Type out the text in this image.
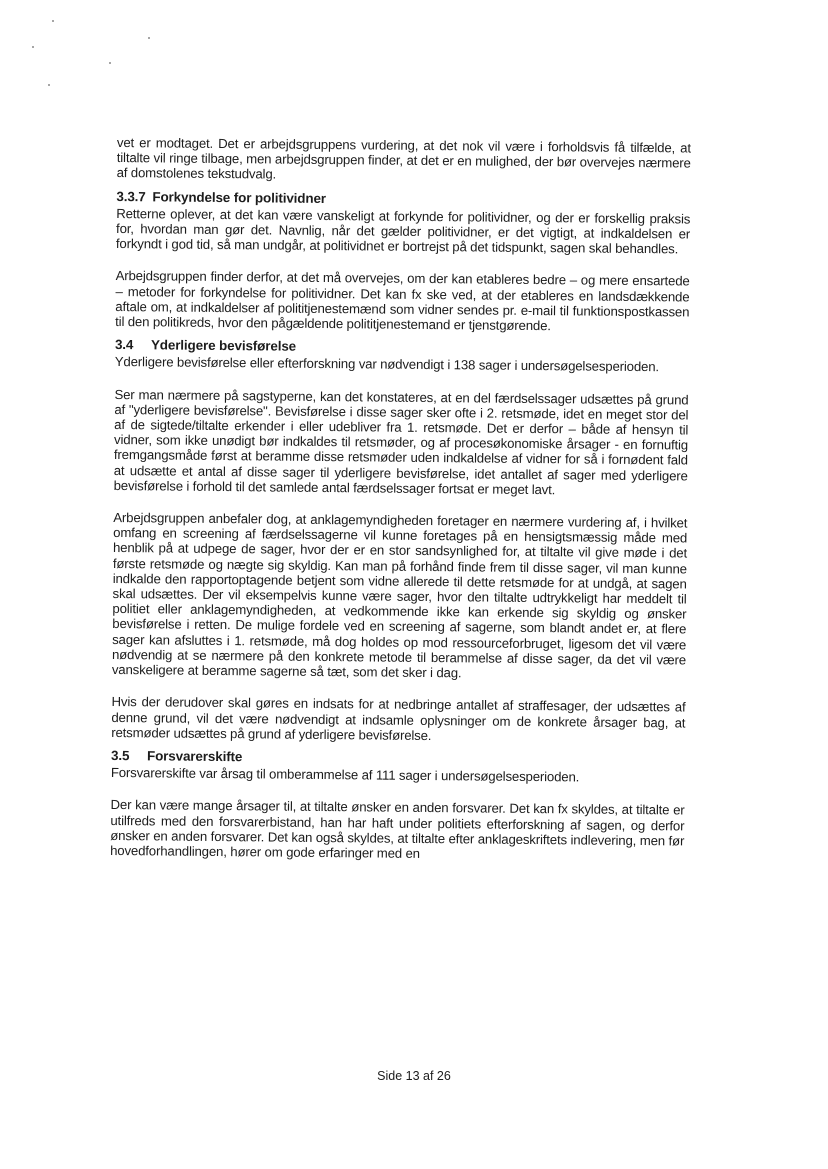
vet er modtaget. Det er arbejdsgruppens vurdering, at det nok vil være i forholdsvis få tilfælde, at tiltalte vil ringe tilbage, men arbejdsgruppen finder, at det er en mulighed, der bør overvejes nærmere af domstolenes tekstudvalg.

3.3.7 Forkyndelse for politividner

Retterne oplever, at det kan være vanskeligt at forkynde for politividner, og der er forskellig praksis for, hvordan man gør det. Navnlig, når det gælder politividner, er det vigtigt, at indkaldelsen er forkyndt i god tid, så man undgår, at politividnet er bortrejst på det tidspunkt, sagen skal behandles.

Arbejdsgruppen finder derfor, at det må overvejes, om der kan etableres bedre – og mere ensartede – metoder for forkyndelse for politividner. Det kan fx ske ved, at der etableres en landsdækkende aftale om, at indkaldelser af polititjenestemænd som vidner sendes pr. e-mail til funktionspostkassen til den politikreds, hvor den pågældende polititjenestemand er tjenstgørende.

3.4 Yderligere bevisførelse

Yderligere bevisførelse eller efterforskning var nødvendigt i 138 sager i undersøgelsesperioden.

Ser man nærmere på sagstyperne, kan det konstateres, at en del færdselssager udsættes på grund af "yderligere bevisførelse". Bevisførelse i disse sager sker ofte i 2. retsmøde, idet en meget stor del af de sigtede/tiltalte erkender i eller udebliver fra 1. retsmøde. Det er derfor – både af hensyn til vidner, som ikke unødigt bør indkaldes til retsmøder, og af procesøkonomiske årsager - en fornuftig fremgangsmåde først at beramme disse retsmøder uden indkaldelse af vidner for så i fornødent fald at udsætte et antal af disse sager til yderligere bevisførelse, idet antallet af sager med yderligere bevisførelse i forhold til det samlede antal færdselssager fortsat er meget lavt.

Arbejdsgruppen anbefaler dog, at anklagemyndigheden foretager en nærmere vurdering af, i hvilket omfang en screening af færdselssagerne vil kunne foretages på en hensigtsmæssig måde med henblik på at udpege de sager, hvor der er en stor sandsynlighed for, at tiltalte vil give møde i det første retsmøde og nægte sig skyldig. Kan man på forhånd finde frem til disse sager, vil man kunne indkalde den rapportoptagende betjent som vidne allerede til dette retsmøde for at undgå, at sagen skal udsættes. Der vil eksempelvis kunne være sager, hvor den tiltalte udtrykkeligt har meddelt til politiet eller anklagemyndigheden, at vedkommende ikke kan erkende sig skyldig og ønsker bevisførelse i retten. De mulige fordele ved en screening af sagerne, som blandt andet er, at flere sager kan afsluttes i 1. retsmøde, må dog holdes op mod ressourceforbruget, ligesom det vil være nødvendig at se nærmere på den konkrete metode til berammelse af disse sager, da det vil være vanskeligere at beramme sagerne så tæt, som det sker i dag.

Hvis der derudover skal gøres en indsats for at nedbringe antallet af straffesager, der udsættes af denne grund, vil det være nødvendigt at indsamle oplysninger om de konkrete årsager bag, at retsmøder udsættes på grund af yderligere bevisførelse.

3.5 Forsvarerskifte

Forsvarerskifte var årsag til omberammelse af 111 sager i undersøgelsesperioden.

Der kan være mange årsager til, at tiltalte ønsker en anden forsvarer. Det kan fx skyldes, at tiltalte er utilfreds med den forsvarerbistand, han har haft under politiets efterforskning af sagen, og derfor ønsker en anden forsvarer. Det kan også skyldes, at tiltalte efter anklageskriftets indlevering, men før hovedforhandlingen, hører om gode erfaringer med en

Side 13 af 26
